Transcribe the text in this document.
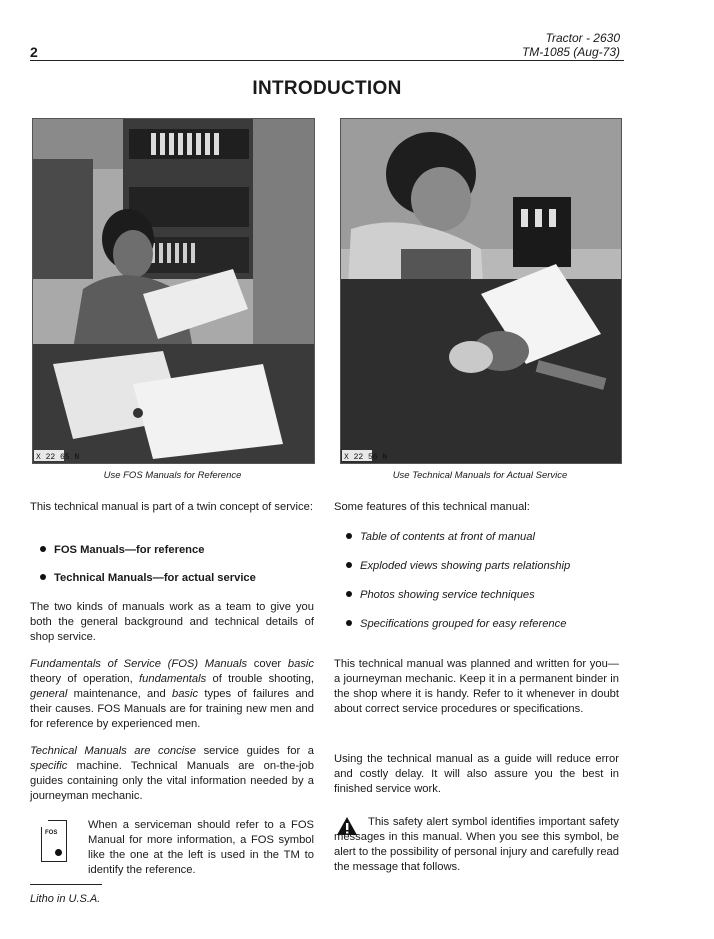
Tractor - 2630
2	TM-1085 (Aug-73)
INTRODUCTION
X 22 65 N
Use FOS Manuals for Reference
X 22 56 N
Use Technical Manuals for Actual Service
This technical manual is part of a twin concept of service:
FOS Manuals—for reference
Technical Manuals—for actual service
The two kinds of manuals work as a team to give you both the general background and technical details of shop service.
Fundamentals of Service (FOS) Manuals cover basic theory of operation, fundamentals of trouble shooting, general maintenance, and basic types of failures and their causes. FOS Manuals are for training new men and for reference by experienced men.
Technical Manuals are concise service guides for a specific machine. Technical Manuals are on-the-job guides containing only the vital information needed by a journeyman mechanic.
FOS
When a serviceman should refer to a FOS Manual for more information, a FOS symbol like the one at the left is used in the TM to identify the reference.
Some features of this technical manual:
Table of contents at front of manual
Exploded views showing parts relationship
Photos showing service techniques
Specifications grouped for easy reference
This technical manual was planned and written for you—a journeyman mechanic. Keep it in a permanent binder in the shop where it is handy. Refer to it whenever in doubt about correct service procedures or specifications.
Using the technical manual as a guide will reduce error and costly delay. It will also assure you the best in finished service work.
This safety alert symbol identifies important safety messages in this manual. When you see this symbol, be alert to the possibility of personal injury and carefully read the message that follows.
Litho in U.S.A.
